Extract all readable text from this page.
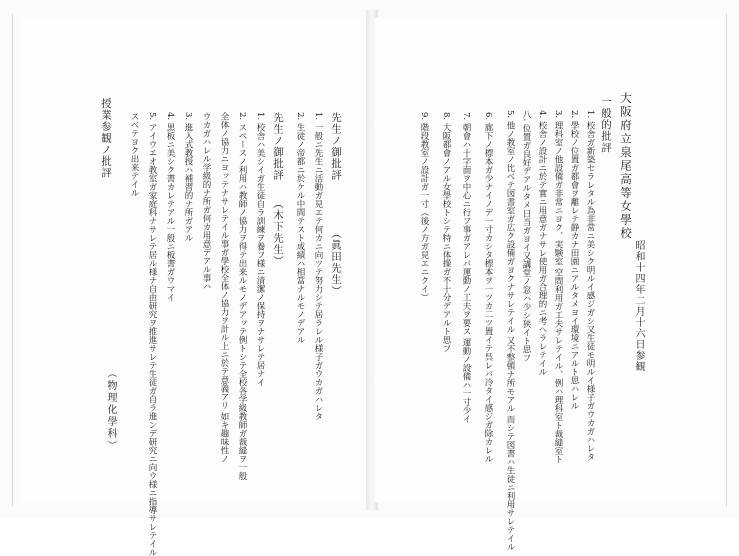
大阪府立泉尾高等女學校
昭和十四年二月十六日参観
一般的批評
1. 校舎ガ新築セラレタル為非常ニ美シク明ルイ感ジガシ又生徒モ明ルイ様子ガウカガハレタ
2. 學校ノ位置ガ都會ヲ離レテ静カナ田園ニアルタメヨイ環境ニアルト思ハレル
3. 理科室ノ他設備ガ非常ニヨク、実験室 空間利用ガ工夫サレテイル、例ハ理科室ト裁縫室ト
4. 校舎ノ設計ニ於テ實ニ用意ガナサレ使用ガ合理的ニ考ヘラレテイル
八. 位置ガ良好デアルタメ日当ガヨイ又講堂ノ窓ハ少シ狭イト思フ
5. 他ノ教室ノ比ベテ図書室ガ広ク設備ガヨクナサレテイル 又不整頓ナ所モアル 而シテ図書ハ生徒ニ利用サレテイル
6. 廊下ノ標本ガ少ナイノデ一寸カシタ標本ヲ一ツカ二ツ置イテ呉レバ冷タイ感ジガ除カレル
7. 朝會ハ十字面ヲ中心ニ行フ事ガアレバ運動ノ工夫ヲ要ス 運動ノ設備ハ一寸少イ
8. 大阪都會ノアル女學校トシテ特ニ体操ガ不十分デアルト思フ
9. 階段教室ノ設計ガ一寸（後ノ方ガ見エニクイ）
先生ノ御批評
（眞田先生）
1. 一般ニ先生ニ活動ガ見エテ何カニ向ツテ努力シテ居ラレル様子ガウカガハレタ
2. 生徒ノ帝都ニ於ケル中間テスト成績ハ相當ナルモノデアル
先生ノ御批評
（木下先生）
1. 校舎ハ美シイガ生徒自ラ訓練ヲ養フ様ニ清潔ノ保持ヲナサレテ居ナイ
2. スペースノ利用ハ教師ノ協力ヲ得テ出来ルモノデアッテ例トシテ全校各学級教師ガ裁縫ヲ一般
全体ノ協力ニヨッテナサレテイル事ガ學校全体ノ協力ヲ計ル上ニ於テ意義アリ 如キ趣味性ノ
ウカガハレル学級的ナ所ガ何カ用意デアル事ハ
3. 進入式教授ハ補習的ナ所ガアル
4. 黒板ニ美シク書カレテアル一般ニ板書ガウマイ
5. アイウエオ教室ガ家庭科ナサレテ居ル様ナ自由研究ヲ推進サレテ生徒ガ自ラ進ンデ研究ニ向ウ様ニ指導サレテイル
スベテヨク出来テイル
授業参観ノ批評
（物理化學科）
